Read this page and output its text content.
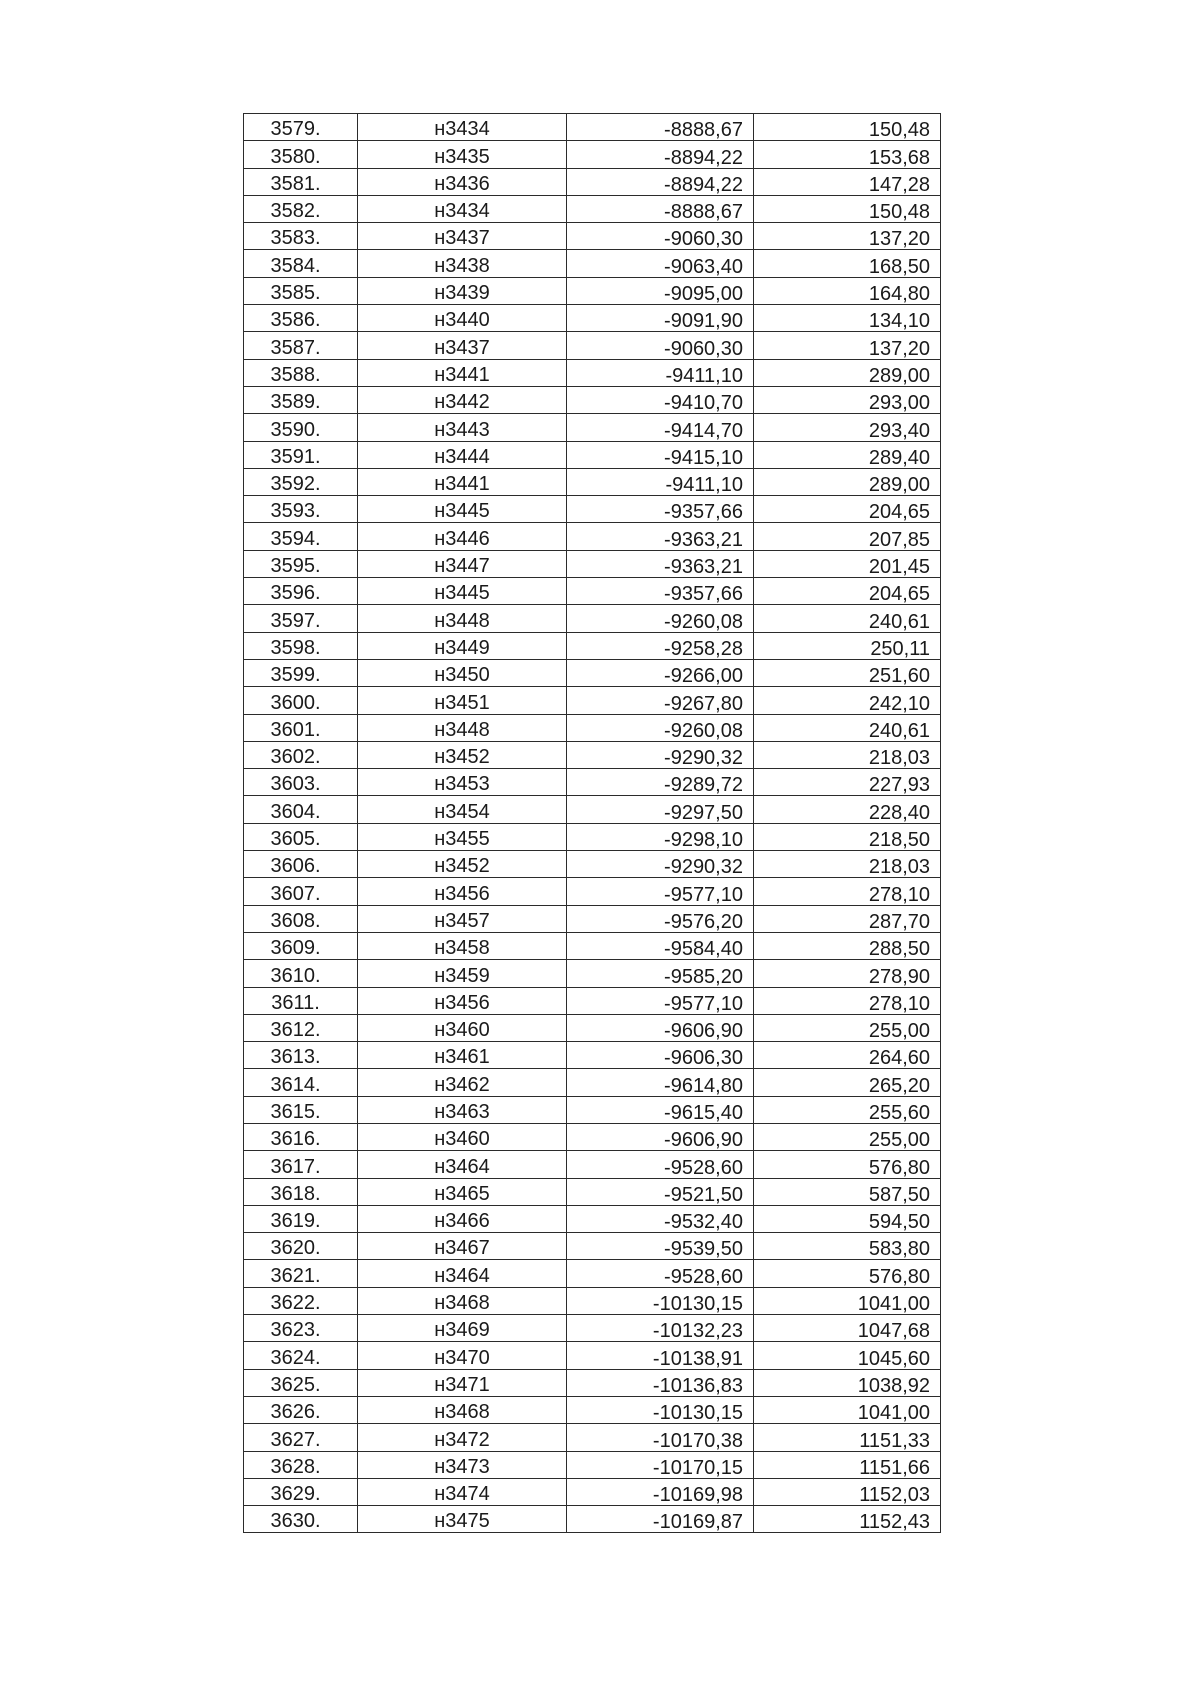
3579.	н3434	-8888,67	150,48
3580.	н3435	-8894,22	153,68
3581.	н3436	-8894,22	147,28
3582.	н3434	-8888,67	150,48
3583.	н3437	-9060,30	137,20
3584.	н3438	-9063,40	168,50
3585.	н3439	-9095,00	164,80
3586.	н3440	-9091,90	134,10
3587.	н3437	-9060,30	137,20
3588.	н3441	-9411,10	289,00
3589.	н3442	-9410,70	293,00
3590.	н3443	-9414,70	293,40
3591.	н3444	-9415,10	289,40
3592.	н3441	-9411,10	289,00
3593.	н3445	-9357,66	204,65
3594.	н3446	-9363,21	207,85
3595.	н3447	-9363,21	201,45
3596.	н3445	-9357,66	204,65
3597.	н3448	-9260,08	240,61
3598.	н3449	-9258,28	250,11
3599.	н3450	-9266,00	251,60
3600.	н3451	-9267,80	242,10
3601.	н3448	-9260,08	240,61
3602.	н3452	-9290,32	218,03
3603.	н3453	-9289,72	227,93
3604.	н3454	-9297,50	228,40
3605.	н3455	-9298,10	218,50
3606.	н3452	-9290,32	218,03
3607.	н3456	-9577,10	278,10
3608.	н3457	-9576,20	287,70
3609.	н3458	-9584,40	288,50
3610.	н3459	-9585,20	278,90
3611.	н3456	-9577,10	278,10
3612.	н3460	-9606,90	255,00
3613.	н3461	-9606,30	264,60
3614.	н3462	-9614,80	265,20
3615.	н3463	-9615,40	255,60
3616.	н3460	-9606,90	255,00
3617.	н3464	-9528,60	576,80
3618.	н3465	-9521,50	587,50
3619.	н3466	-9532,40	594,50
3620.	н3467	-9539,50	583,80
3621.	н3464	-9528,60	576,80
3622.	н3468	-10130,15	1041,00
3623.	н3469	-10132,23	1047,68
3624.	н3470	-10138,91	1045,60
3625.	н3471	-10136,83	1038,92
3626.	н3468	-10130,15	1041,00
3627.	н3472	-10170,38	1151,33
3628.	н3473	-10170,15	1151,66
3629.	н3474	-10169,98	1152,03
3630.	н3475	-10169,87	1152,43
